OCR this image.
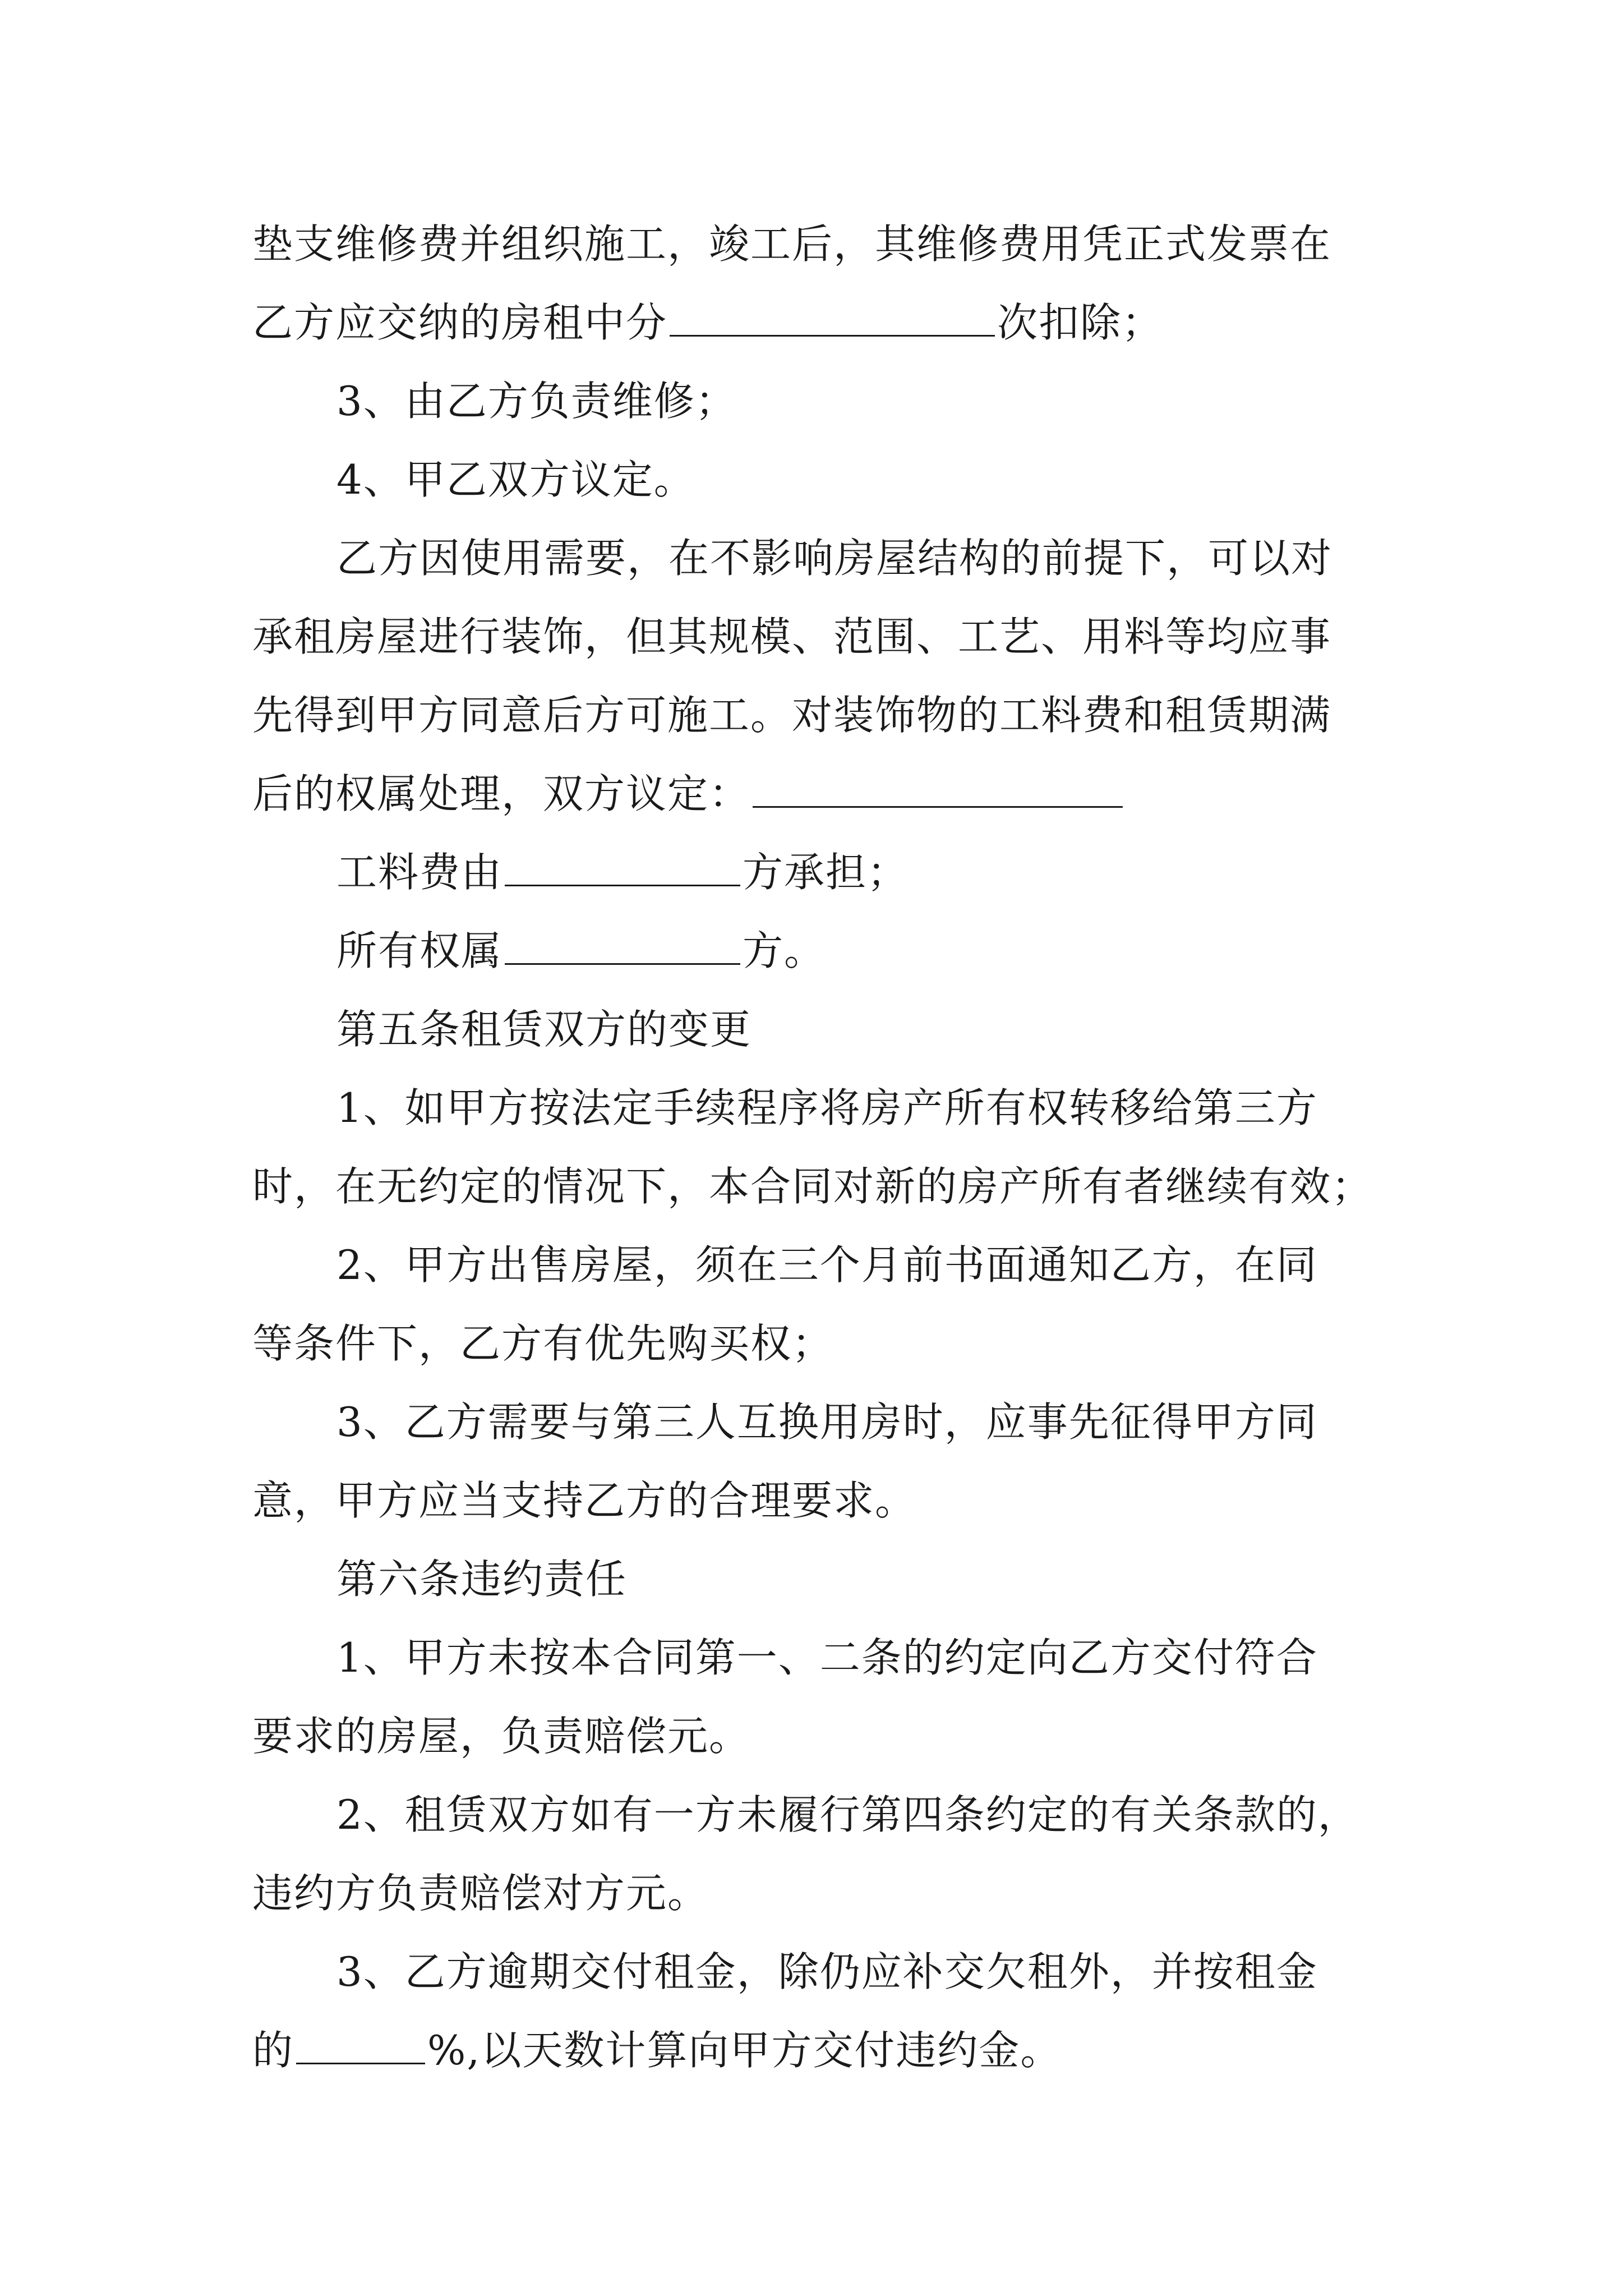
垫支维修费并组织施工，竣工后，其维修费用凭正式发票在
乙方应交纳的房租中分	次扣除；
3、由乙方负责维修；
4、甲乙双方议定。
乙方因使用需要，在不影响房屋结构的前提下，可以对
承租房屋进行装饰，但其规模、范围、工艺、用料等均应事
先得到甲方同意后方可施工。对装饰物的工料费和租赁期满
后的权属处理，双方议定：
工料费由	方承担；
所有权属	方。
第五条租赁双方的变更
1、如甲方按法定手续程序将房产所有权转移给第三方
时，在无约定的情况下，本合同对新的房产所有者继续有效；
2、甲方出售房屋，须在三个月前书面通知乙方，在同
等条件下，乙方有优先购买权；
3、乙方需要与第三人互换用房时，应事先征得甲方同
意，甲方应当支持乙方的合理要求。
第六条违约责任
1、甲方未按本合同第一、二条的约定向乙方交付符合
要求的房屋，负责赔偿元。
2、租赁双方如有一方未履行第四条约定的有关条款的，
违约方负责赔偿对方元。
3、乙方逾期交付租金，除仍应补交欠租外，并按租金
的	%,以天数计算向甲方交付违约金。
